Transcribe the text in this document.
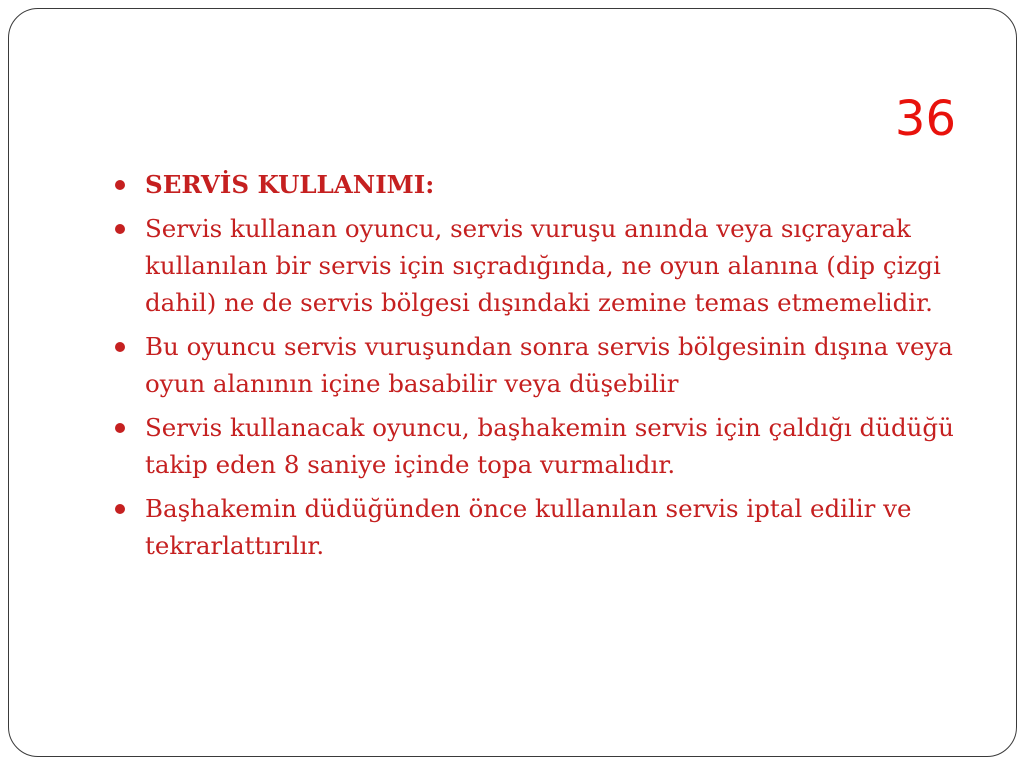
36
SERVİS KULLANIMI:
Servis kullanan oyuncu, servis vuruşu anında veya sıçrayarak kullanılan bir servis için sıçradığında, ne oyun alanına (dip çizgi dahil) ne de servis bölgesi dışındaki zemine temas etmemelidir.
Bu oyuncu servis vuruşundan sonra servis bölgesinin dışına veya oyun alanının içine basabilir veya düşebilir
Servis kullanacak oyuncu, başhakemin servis için çaldığı düdüğü takip eden 8 saniye içinde topa vurmalıdır.
Başhakemin düdüğünden önce kullanılan servis iptal edilir ve tekrarlattırılır.
